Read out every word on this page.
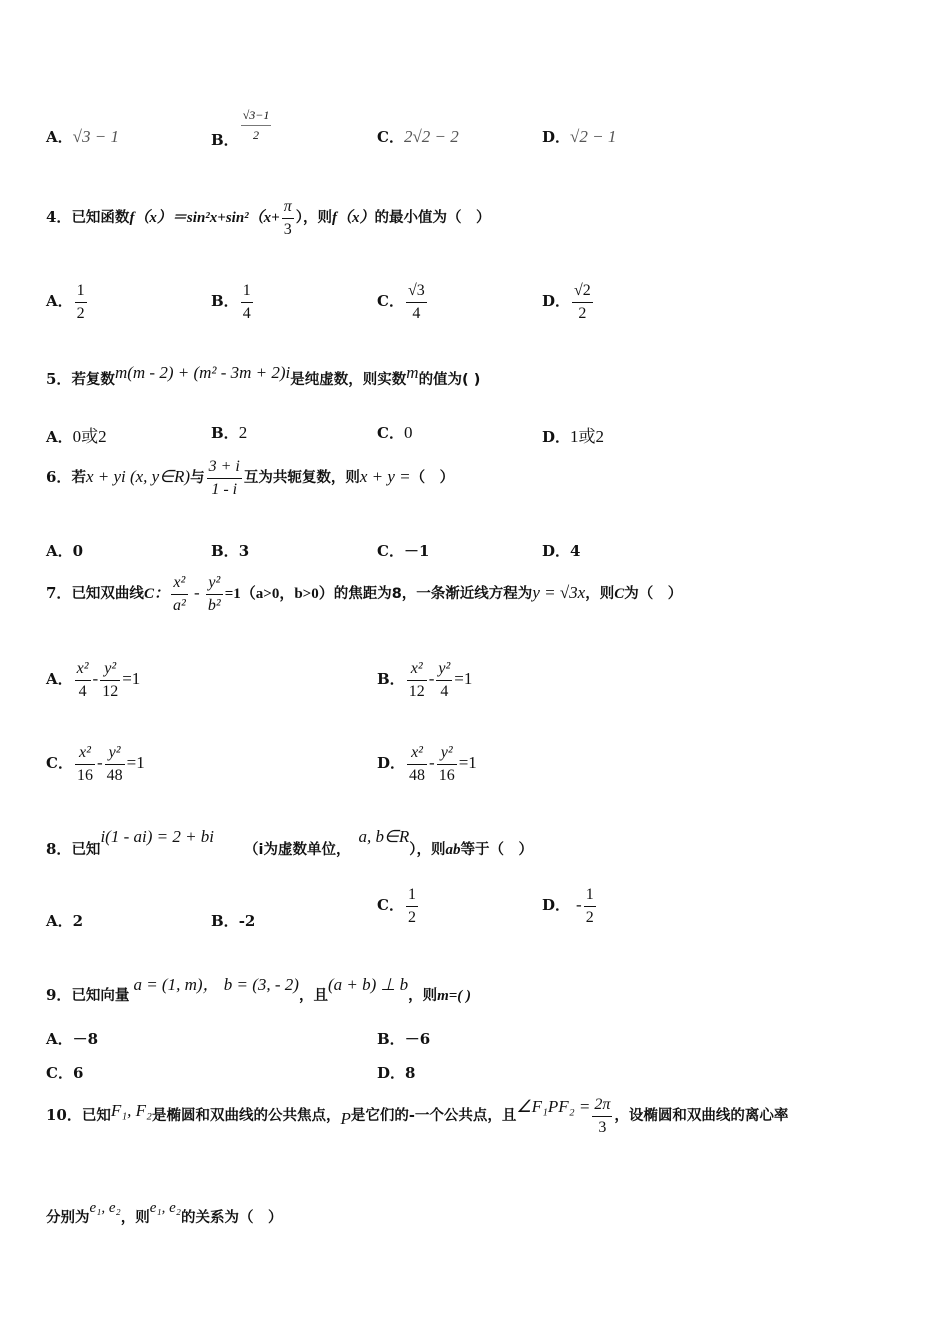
A．√3 − 1	B． $\frac{√3-1}{2}$	C．2√2 − 2	D．√2 − 1
4．已知函数$f(x)=\sin^2x+\sin^2(x+ \frac{\pi}{3}$ ），则f（x）的最小值为（　）
A． $\frac{1}{2}$	B． $\frac{1}{4}$	C． $\frac{√3}{4}$	D． $\frac{√2}{2}$
5．若复数m(m - 2) + (m² - 3m + 2)i是纯虚数，则实数m的值为( )
A．0或2	B．2	C．0	D．1或2
6．若x + yi (x, y∈R)与 $\frac{3 + i}{1 - i}$ 互为共轭复数，则x + y =（　）
A．0	B．3	C．－1	D．4
7．已知双曲线C： $\frac{\text{x²}}{\text{a²}} - \frac{\text{y²}}{\text{b²}} =1(a>0$，b>0）的焦距为8，一条渐近线方程为y = √3x，则C为（　）
A． $\frac{\text{x²}}{4} - \frac{\text{y²}}{12} =1$	B． $\frac{\text{x²}}{12} - \frac{\text{y²}}{4} =1$
C． $\frac{\text{x²}}{16} - \frac{\text{y²}}{48} =1$	D． $\frac{\text{x²}}{48} - \frac{\text{y²}}{16} =1$
8．已知i(1 - ai) = 2 + bi（i为虚数单位，a, b∈R），则ab等于（　）
A．2	B．-2
C． $\frac{1}{2}$	D． - $\frac{1}{2}$
9．已知向量a = (1, m)， b = (3, - 2)，且(a + b) ⊥ b，则m=( )
A．－8	B．－6
C．6	D．8
10．已知F₁, F₂是椭圆和双曲线的公共焦点，P是它们的-一个公共点，且∠F₁PF₂ = $\frac{2\pi}{3}$ ，设椭圆和双曲线的离心率
分别为e₁, e₂，则e₁, e₂的关系为（　）
